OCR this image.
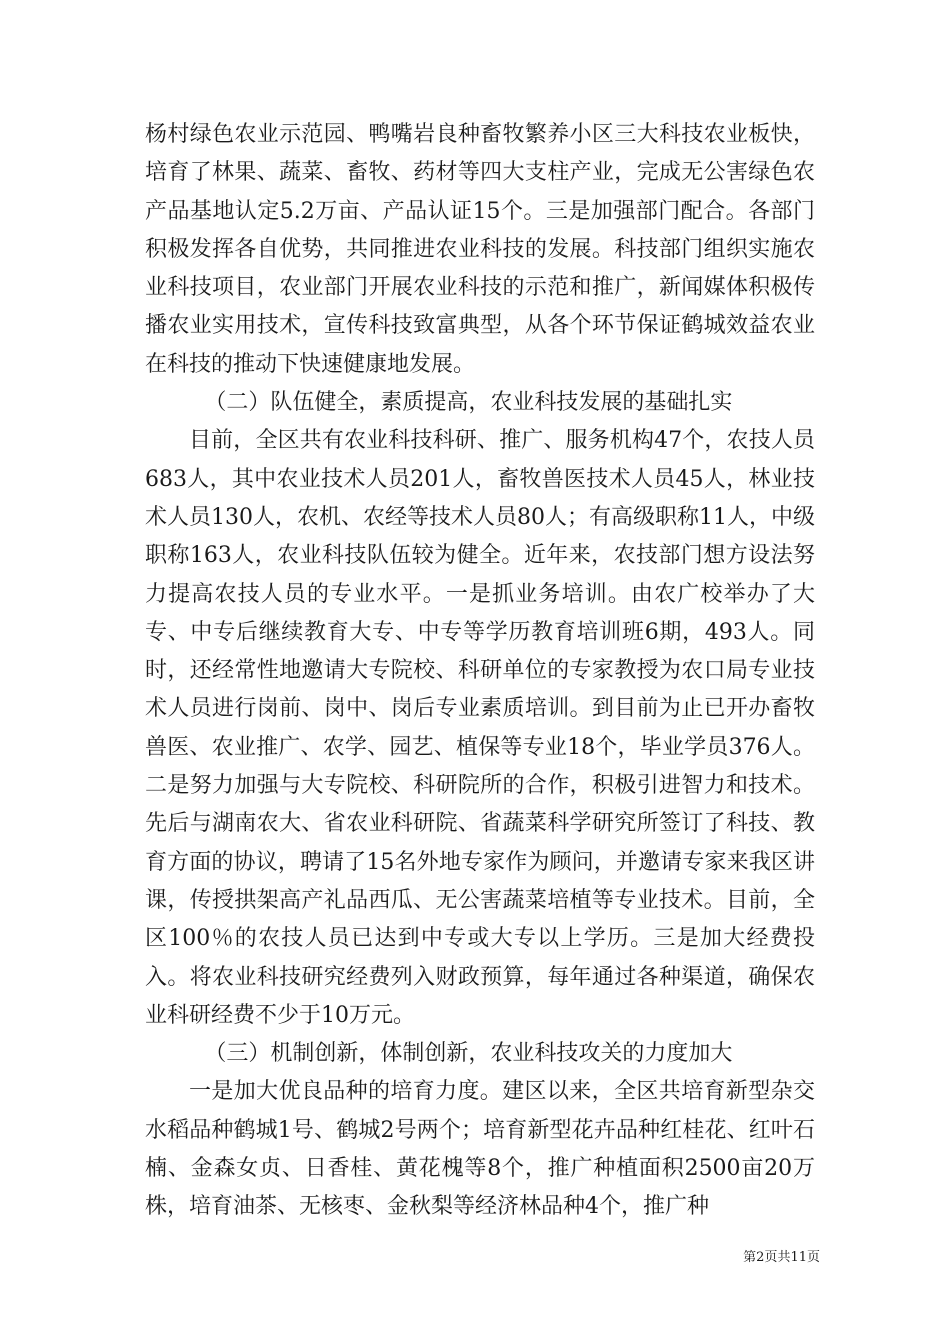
杨村绿色农业示范园、鸭嘴岩良种畜牧繁养小区三大科技农业板快，培育了林果、蔬菜、畜牧、药材等四大支柱产业，完成无公害绿色农产品基地认定5.2万亩、产品认证15个。三是加强部门配合。各部门积极发挥各自优势，共同推进农业科技的发展。科技部门组织实施农业科技项目，农业部门开展农业科技的示范和推广，新闻媒体积极传播农业实用技术，宣传科技致富典型，从各个环节保证鹤城效益农业在科技的推动下快速健康地发展。

（二）队伍健全，素质提高，农业科技发展的基础扎实

目前，全区共有农业科技科研、推广、服务机构47个，农技人员683人，其中农业技术人员201人，畜牧兽医技术人员45人，林业技术人员130人，农机、农经等技术人员80人；有高级职称11人，中级职称163人，农业科技队伍较为健全。近年来，农技部门想方设法努力提高农技人员的专业水平。一是抓业务培训。由农广校举办了大专、中专后继续教育大专、中专等学历教育培训班6期，493人。同时，还经常性地邀请大专院校、科研单位的专家教授为农口局专业技术人员进行岗前、岗中、岗后专业素质培训。到目前为止已开办畜牧兽医、农业推广、农学、园艺、植保等专业18个，毕业学员376人。二是努力加强与大专院校、科研院所的合作，积极引进智力和技术。先后与湖南农大、省农业科研院、省蔬菜科学研究所签订了科技、教育方面的协议，聘请了15名外地专家作为顾问，并邀请专家来我区讲课，传授拱架高产礼品西瓜、无公害蔬菜培植等专业技术。目前，全区100％的农技人员已达到中专或大专以上学历。三是加大经费投入。将农业科技研究经费列入财政预算，每年通过各种渠道，确保农业科研经费不少于10万元。

（三）机制创新，体制创新，农业科技攻关的力度加大

一是加大优良品种的培育力度。建区以来，全区共培育新型杂交水稻品种鹤城1号、鹤城2号两个；培育新型花卉品种红桂花、红叶石楠、金森女贞、日香桂、黄花槐等8个，推广种植面积2500亩20万株，培育油茶、无核枣、金秋梨等经济林品种4个，推广种

第2页共11页
